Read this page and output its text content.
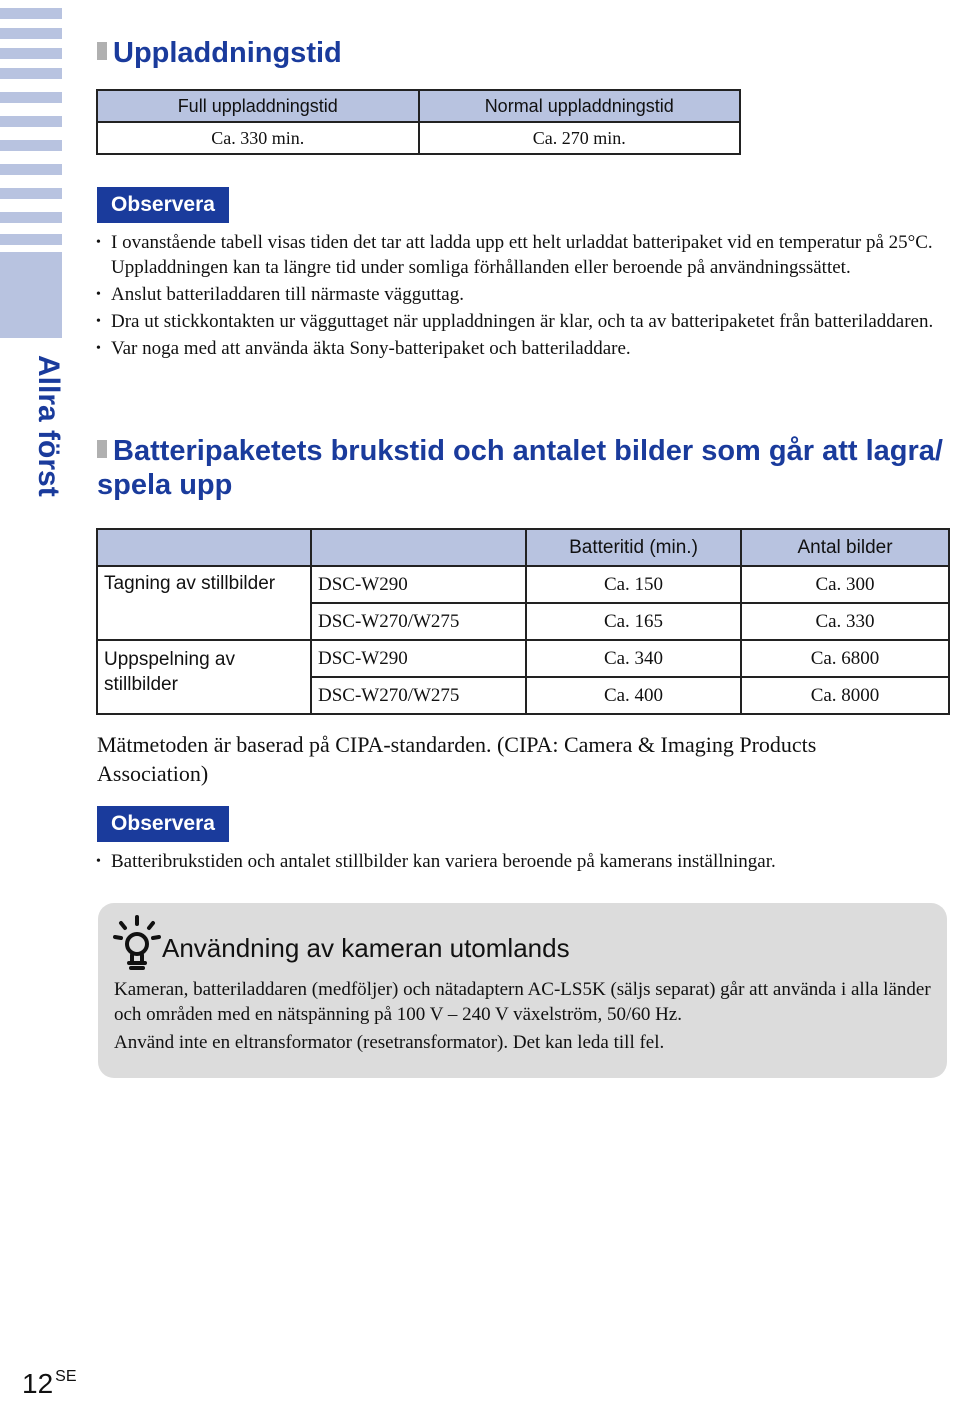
Allra först
Uppladdningstid
Full uppladdningstid	Normal uppladdningstid
Ca. 330 min.	Ca. 270 min.
Observera
• I ovanstående tabell visas tiden det tar att ladda upp ett helt urladdat batteripaket vid en temperatur på 25°C. Uppladdningen kan ta längre tid under somliga förhållanden eller beroende på användningssättet.
• Anslut batteriladdaren till närmaste vägguttag.
• Dra ut stickkontakten ur vägguttaget när uppladdningen är klar, och ta av batteripaketet från batteriladdaren.
• Var noga med att använda äkta Sony-batteripaket och batteriladdare.
Batteripaketets brukstid och antalet bilder som går att lagra/ spela upp
		Batteritid (min.)	Antal bilder
Tagning av stillbilder	DSC-W290	Ca. 150	Ca. 300
	DSC-W270/W275	Ca. 165	Ca. 330
Uppspelning av stillbilder	DSC-W290	Ca. 340	Ca. 6800
	DSC-W270/W275	Ca. 400	Ca. 8000
Mätmetoden är baserad på CIPA-standarden. (CIPA: Camera & Imaging Products Association)
Observera
• Batteribrukstiden och antalet stillbilder kan variera beroende på kamerans inställningar.
Användning av kameran utomlands

Kameran, batteriladdaren (medföljer) och nätadaptern AC-LS5K (säljs separat) går att använda i alla länder och områden med en nätspänning på 100 V – 240 V växelström, 50/60 Hz.

Använd inte en eltransformator (resetransformator). Det kan leda till fel.

12 $^{SE}$
